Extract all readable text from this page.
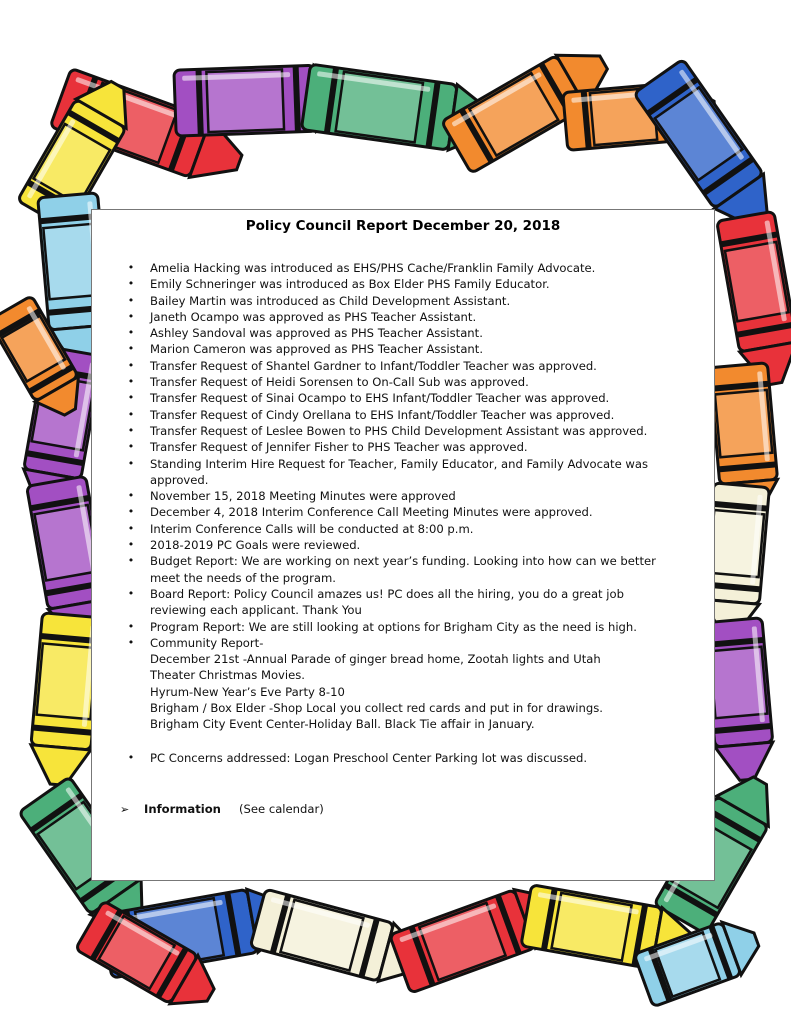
Policy Council Report December 20, 2018
• Amelia Hacking was introduced as EHS/PHS Cache/Franklin Family Advocate.
• Emily Schneringer was introduced as Box Elder PHS Family Educator.
• Bailey Martin was introduced as Child Development Assistant.
• Janeth Ocampo was approved as PHS Teacher Assistant.
• Ashley Sandoval was approved as PHS Teacher Assistant.
• Marion Cameron was approved as PHS Teacher Assistant.
• Transfer Request of Shantel Gardner to Infant/Toddler Teacher was approved.
• Transfer Request of Heidi Sorensen to On-Call Sub was approved.
• Transfer Request of Sinai Ocampo to EHS Infant/Toddler Teacher was approved.
• Transfer Request of Cindy Orellana to EHS Infant/Toddler Teacher was approved.
• Transfer Request of Leslee Bowen to PHS Child Development Assistant was approved.
• Transfer Request of Jennifer Fisher to PHS Teacher was approved.
• Standing Interim Hire Request for Teacher, Family Educator, and Family Advocate was
approved.
• November 15, 2018 Meeting Minutes were approved
• December 4, 2018 Interim Conference Call Meeting Minutes were approved.
• Interim Conference Calls will be conducted at 8:00 p.m.
• 2018-2019 PC Goals were reviewed.
• Budget Report: We are working on next year’s funding. Looking into how can we better
meet the needs of the program.
• Board Report: Policy Council amazes us! PC does all the hiring, you do a great job
reviewing each applicant. Thank You
• Program Report: We are still looking at options for Brigham City as the need is high.
• Community Report-
December 21st -Annual Parade of ginger bread home, Zootah lights and Utah
Theater Christmas Movies.
Hyrum-New Year’s Eve Party 8-10
Brigham / Box Elder -Shop Local you collect red cards and put in for drawings.
Brigham City Event Center-Holiday Ball. Black Tie affair in January.
• PC Concerns addressed: Logan Preschool Center Parking lot was discussed.
➢	Information	(See calendar)
